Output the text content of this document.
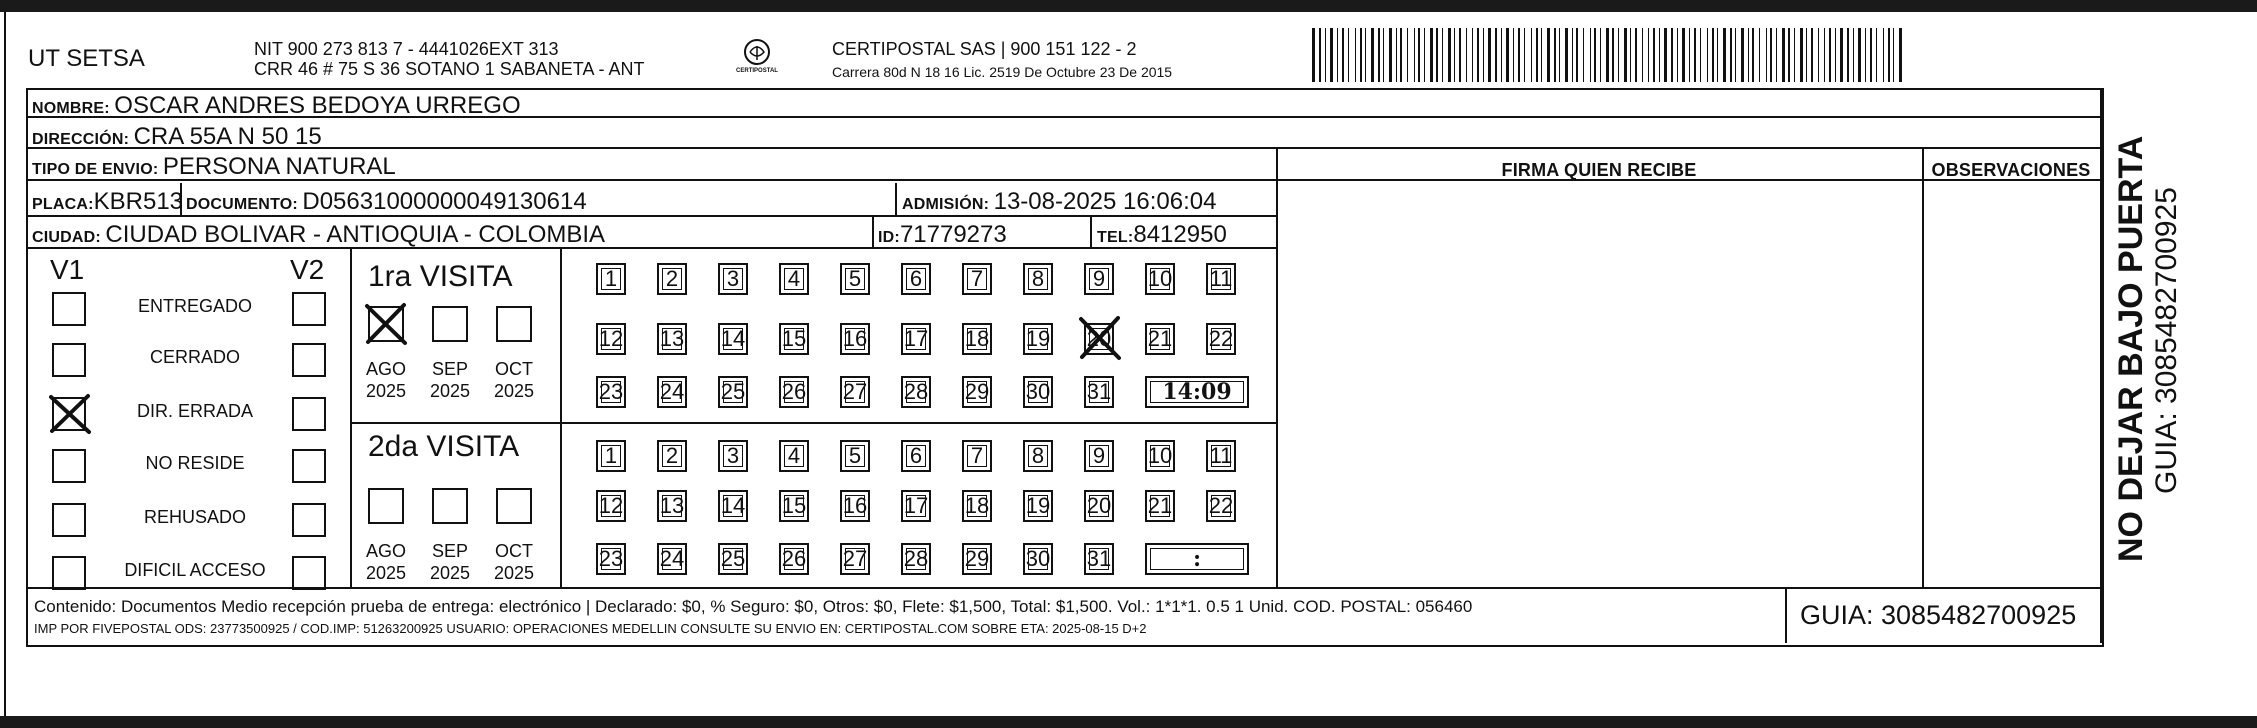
UT SETSA	NIT 900 273 813 7 - 4441026EXT 313
CRR 46 # 75 S 36 SOTANO 1 SABANETA - ANT	CERTIPOSTAL
CERTIPOSTAL SAS | 900 151 122 - 2
Carrera 80d N 18 16 Lic. 2519 De Octubre 23 De 2015
NOMBRE: OSCAR ANDRES BEDOYA URREGO
DIRECCIÓN: CRA 55A N 50 15
TIPO DE ENVIO: PERSONA NATURAL
PLACA:KBR513 DOCUMENTO: D05631000000049130614	ADMISIÓN: 13-08-2025 16:06:04
CIUDAD: CIUDAD BOLIVAR - ANTIOQUIA - COLOMBIA	ID:71779273	TEL:8412950
FIRMA QUIEN RECIBE	OBSERVACIONES
V1	V2 1ra VISITA
2da VISITA
Contenido: Documentos Medio recepción prueba de entrega: electrónico | Declarado: $0, % Seguro: $0, Otros: $0, Flete: $1,500, Total: $1,500. Vol.: 1*1*1. 0.5 1 Unid. COD. POSTAL: 056460
IMP POR FIVEPOSTAL ODS: 23773500925 / COD.IMP: 51263200925 USUARIO: OPERACIONES MEDELLIN CONSULTE SU ENVIO EN: CERTIPOSTAL.COM SOBRE ETA: 2025-08-15 D+2	GUIA: 3085482700925
NO DEJAR BAJO PUERTA GUIA: 3085482700925
ENTREGADO
CERRADO
DIR. ERRADA
NO RESIDE
REHUSADO
DIFICIL ACCESO
AGO
2025
SEP
2025
OCT
2025
AGO
2025
SEP
2025
OCT
2025
1	2	3	4	5	6	7	8	9	10 11
12 13 14 15 16 17 18 19 20 21 22
23 24 25 26 27 28 29 30 31	14:09
1	2	3	4	5	6	7	8	9	10 11
12 13 14 15 16 17 18 19 20 21 22
23 24 25 26 27 28 29 30 31	:
